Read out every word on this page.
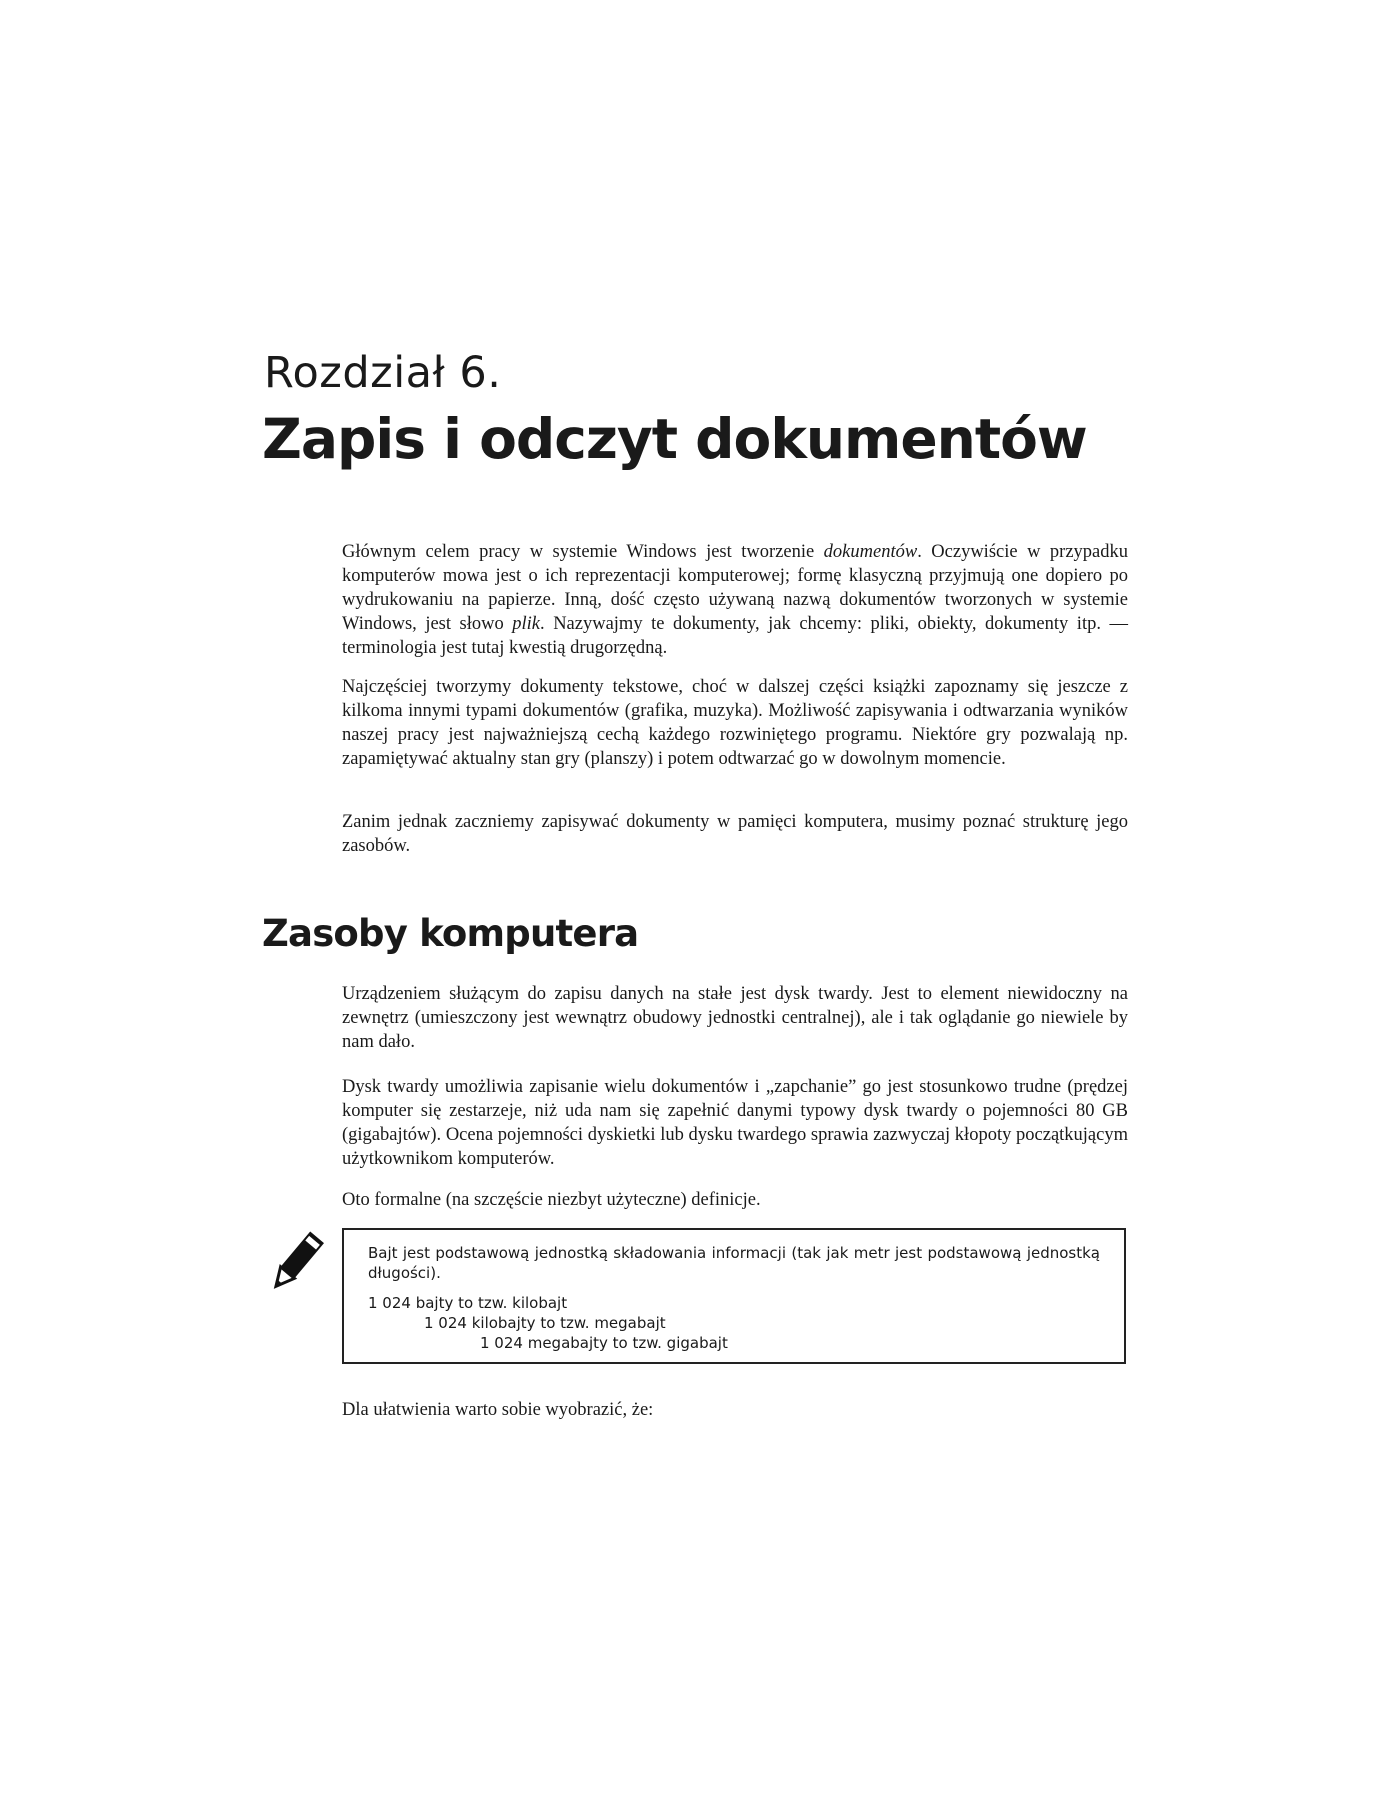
Rozdział 6.
Zapis i odczyt dokumentów

Głównym celem pracy w systemie Windows jest tworzenie dokumentów. Oczywiście w przypadku komputerów mowa jest o ich reprezentacji komputerowej; formę klasyczną przyjmują one dopiero po wydrukowaniu na papierze. Inną, dość często używaną nazwą dokumentów tworzonych w systemie Windows, jest słowo plik. Nazywajmy te dokumenty, jak chcemy: pliki, obiekty, dokumenty itp. — terminologia jest tutaj kwestią drugorzędną.

Najczęściej tworzymy dokumenty tekstowe, choć w dalszej części książki zapoznamy się jeszcze z kilkoma innymi typami dokumentów (grafika, muzyka). Możliwość zapisywania i odtwarzania wyników naszej pracy jest najważniejszą cechą każdego rozwiniętego programu. Niektóre gry pozwalają np. zapamiętywać aktualny stan gry (planszy) i potem odtwarzać go w dowolnym momencie.

Zanim jednak zaczniemy zapisywać dokumenty w pamięci komputera, musimy poznać strukturę jego zasobów.

Zasoby komputera

Urządzeniem służącym do zapisu danych na stałe jest dysk twardy. Jest to element niewidoczny na zewnętrz (umieszczony jest wewnątrz obudowy jednostki centralnej), ale i tak oglądanie go niewiele by nam dało.

Dysk twardy umożliwia zapisanie wielu dokumentów i „zapchanie” go jest stosunkowo trudne (prędzej komputer się zestarzeje, niż uda nam się zapełnić danymi typowy dysk twardy o pojemności 80 GB (gigabajtów). Ocena pojemności dyskietki lub dysku twardego sprawia zazwyczaj kłopoty początkującym użytkownikom komputerów.

Oto formalne (na szczęście niezbyt użyteczne) definicje.

Bajt jest podstawową jednostką składowania informacji (tak jak metr jest podstawową jednostką długości).

1 024 bajty to tzw. kilobajt
1 024 kilobajty to tzw. megabajt
1 024 megabajty to tzw. gigabajt

Dla ułatwienia warto sobie wyobrazić, że:
